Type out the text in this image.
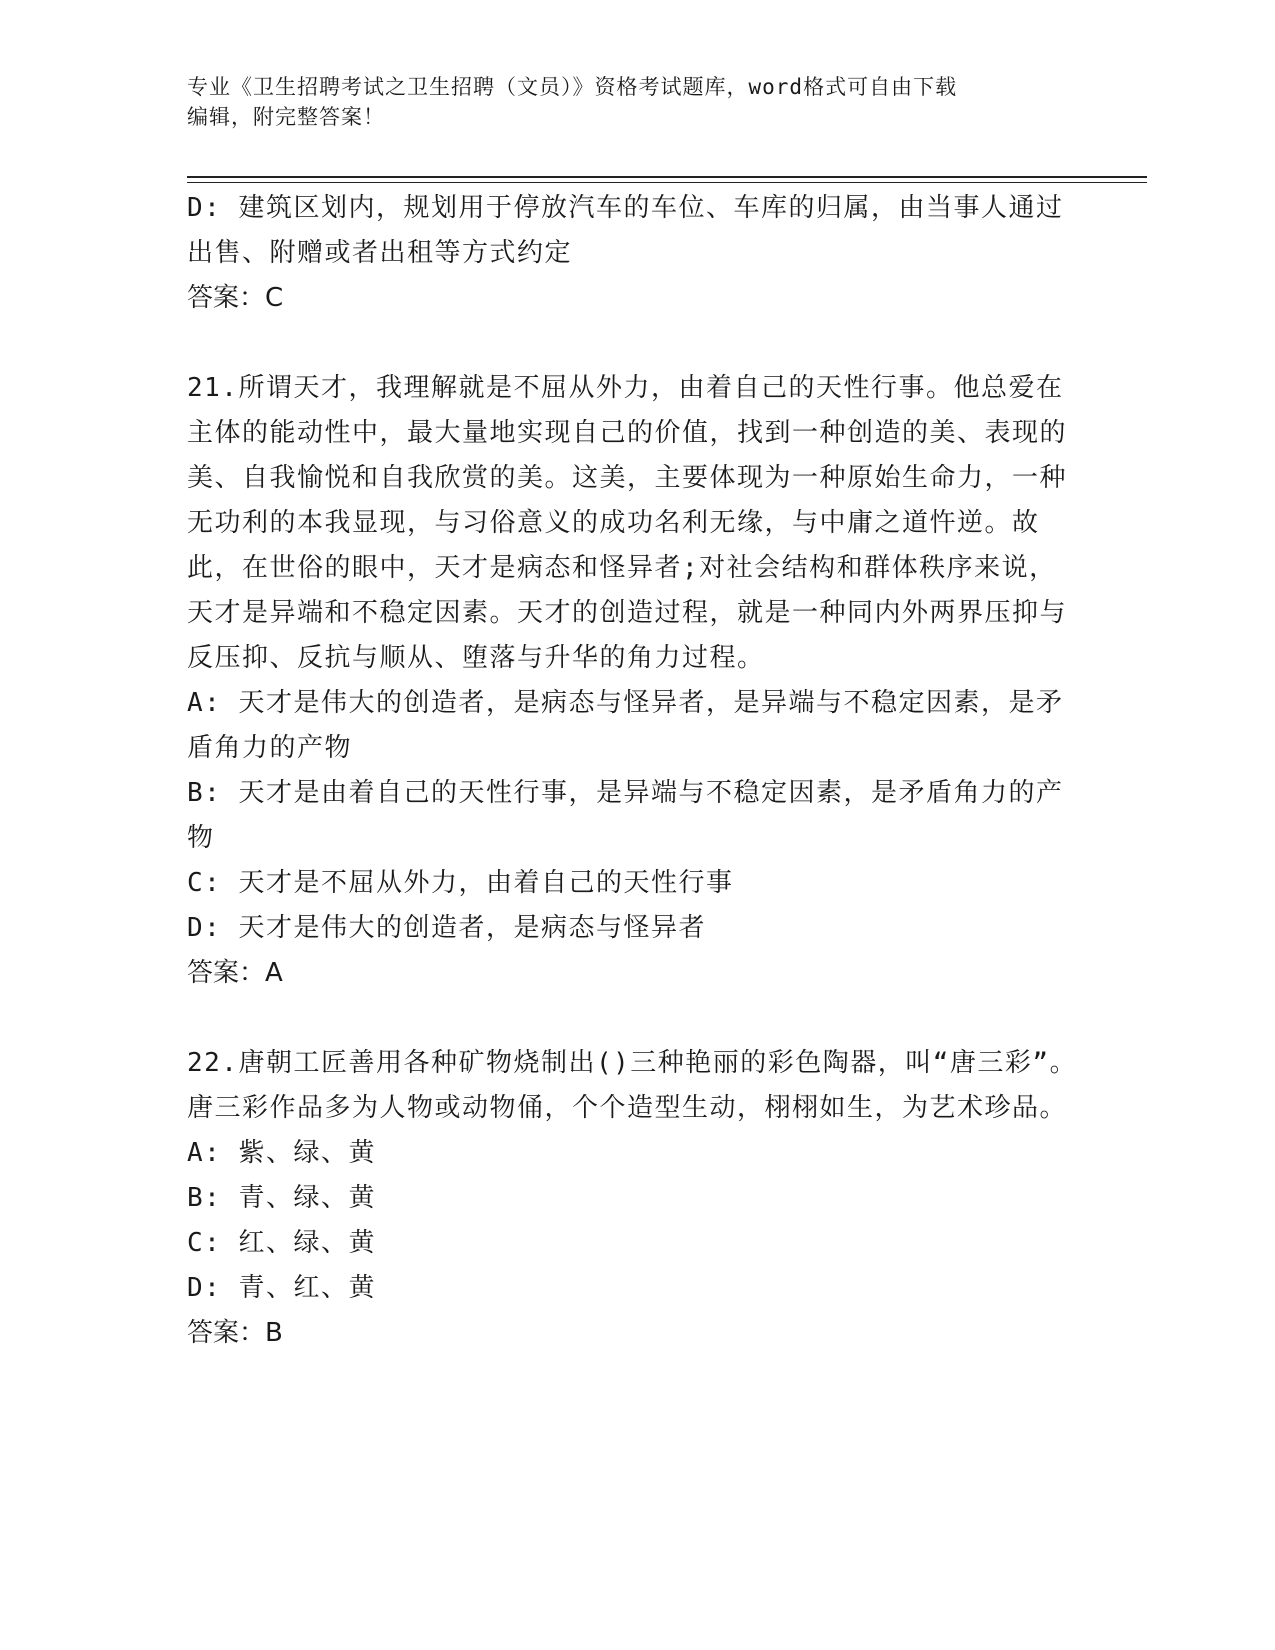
专业《卫生招聘考试之卫生招聘（文员）》资格考试题库，word格式可自由下载
编辑，附完整答案！

D: 建筑区划内，规划用于停放汽车的车位、车库的归属，由当事人通过出售、附赠或者出租等方式约定

答案：C

21.所谓天才，我理解就是不屈从外力，由着自己的天性行事。他总爱在主体的能动性中，最大量地实现自己的价值，找到一种创造的美、表现的美、自我愉悦和自我欣赏的美。这美，主要体现为一种原始生命力，一种无功利的本我显现，与习俗意义的成功名利无缘，与中庸之道忤逆。故此，在世俗的眼中，天才是病态和怪异者;对社会结构和群体秩序来说，天才是异端和不稳定因素。天才的创造过程，就是一种同内外两界压抑与反压抑、反抗与顺从、堕落与升华的角力过程。

A: 天才是伟大的创造者，是病态与怪异者，是异端与不稳定因素，是矛盾角力的产物

B: 天才是由着自己的天性行事，是异端与不稳定因素，是矛盾角力的产物

C: 天才是不屈从外力，由着自己的天性行事

D: 天才是伟大的创造者，是病态与怪异者

答案：A

22.唐朝工匠善用各种矿物烧制出()三种艳丽的彩色陶器，叫“唐三彩”。唐三彩作品多为人物或动物俑，个个造型生动，栩栩如生，为艺术珍品。

A: 紫、绿、黄

B: 青、绿、黄

C: 红、绿、黄

D: 青、红、黄

答案：B
